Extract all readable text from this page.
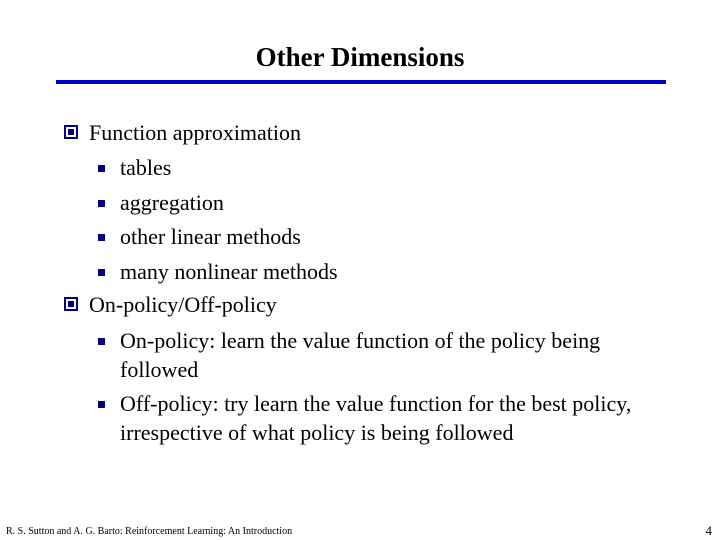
Other Dimensions
Function approximation
tables
aggregation
other linear methods
many nonlinear methods
On-policy/Off-policy
On-policy: learn the value function of the policy being followed
Off-policy: try learn the value function for the best policy, irrespective of what policy is being followed
R. S. Sutton and A. G. Barto: Reinforcement Learning: An Introduction	4
